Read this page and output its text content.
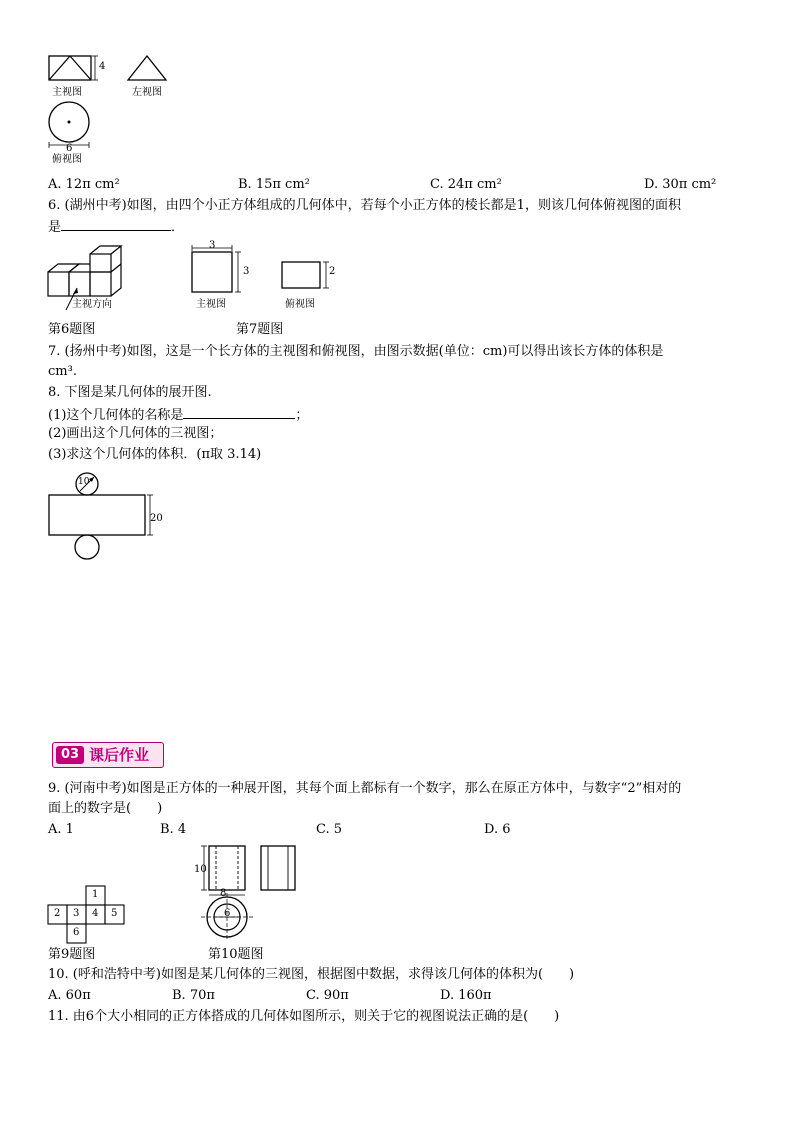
4
6
主视图	左视图
俯视图
A. 12π cm²	B. 15π cm²	C. 24π cm²	D. 30π cm²
6. (湖州中考)如图，由四个小正方体组成的几何体中，若每个小正方体的棱长都是1，则该几何体俯视图的面积
是	．
主视方向
第6题图
3
3	2
主视图	俯视图
第7题图
7. (扬州中考)如图，这是一个长方体的主视图和俯视图，由图示数据(单位：cm)可以得出该长方体的体积是
cm³.
8. 下图是某几何体的展开图.
(1)这个几何体的名称是	；
(2)画出这个几何体的三视图；
(3)求这个几何体的体积．(π取 3.14)
10
20
03 课后作业
9. (河南中考)如图是正方体的一种展开图，其每个面上都标有一个数字，那么在原正方体中，与数字“2”相对的
面上的数字是(　　)
A. 1	B. 4	C. 5	D. 6
1
2 3 4 5
6
第9题图
10
8
6
第10题图
10. (呼和浩特中考)如图是某几何体的三视图，根据图中数据，求得该几何体的体积为(　　)
A. 60π	B. 70π	C. 90π	D. 160π
11. 由6个大小相同的正方体搭成的几何体如图所示，则关于它的视图说法正确的是(　　)
